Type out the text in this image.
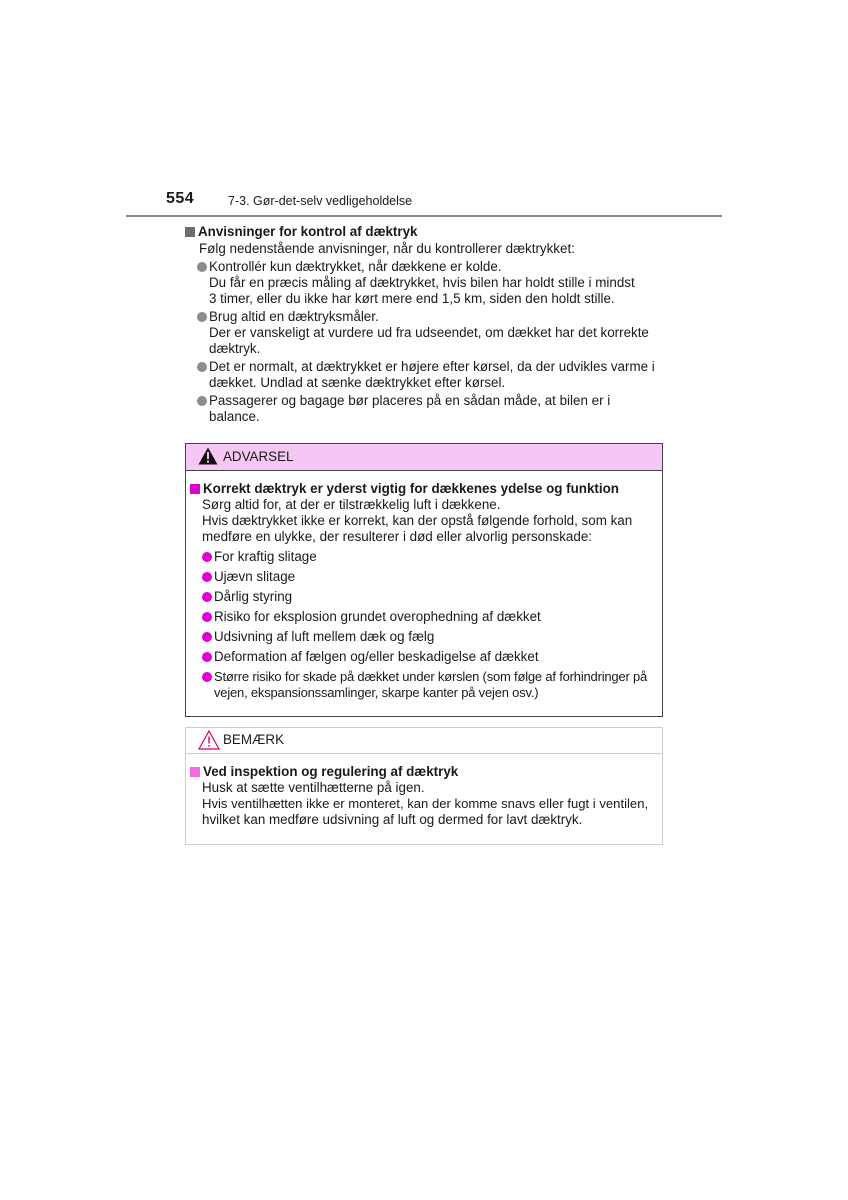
554	7-3. Gør-det-selv vedligeholdelse
Anvisninger for kontrol af dæktryk
Følg nedenstående anvisninger, når du kontrollerer dæktrykket:
Kontrollér kun dæktrykket, når dækkene er kolde.
Du får en præcis måling af dæktrykket, hvis bilen har holdt stille i mindst
3 timer, eller du ikke har kørt mere end 1,5 km, siden den holdt stille.
Brug altid en dæktryksmåler.
Der er vanskeligt at vurdere ud fra udseendet, om dækket har det korrekte
dæktryk.
Det er normalt, at dæktrykket er højere efter kørsel, da der udvikles varme i
dækket. Undlad at sænke dæktrykket efter kørsel.
Passagerer og bagage bør placeres på en sådan måde, at bilen er i
balance.
ADVARSEL
Korrekt dæktryk er yderst vigtig for dækkenes ydelse og funktion
Sørg altid for, at der er tilstrækkelig luft i dækkene.
Hvis dæktrykket ikke er korrekt, kan der opstå følgende forhold, som kan
medføre en ulykke, der resulterer i død eller alvorlig personskade:
For kraftig slitage
Ujævn slitage
Dårlig styring
Risiko for eksplosion grundet overophedning af dækket
Udsivning af luft mellem dæk og fælg
Deformation af fælgen og/eller beskadigelse af dækket
Større risiko for skade på dækket under kørslen (som følge af forhindringer på
vejen, ekspansionssamlinger, skarpe kanter på vejen osv.)
BEMÆRK
Ved inspektion og regulering af dæktryk
Husk at sætte ventilhætterne på igen.
Hvis ventilhætten ikke er monteret, kan der komme snavs eller fugt i ventilen,
hvilket kan medføre udsivning af luft og dermed for lavt dæktryk.
